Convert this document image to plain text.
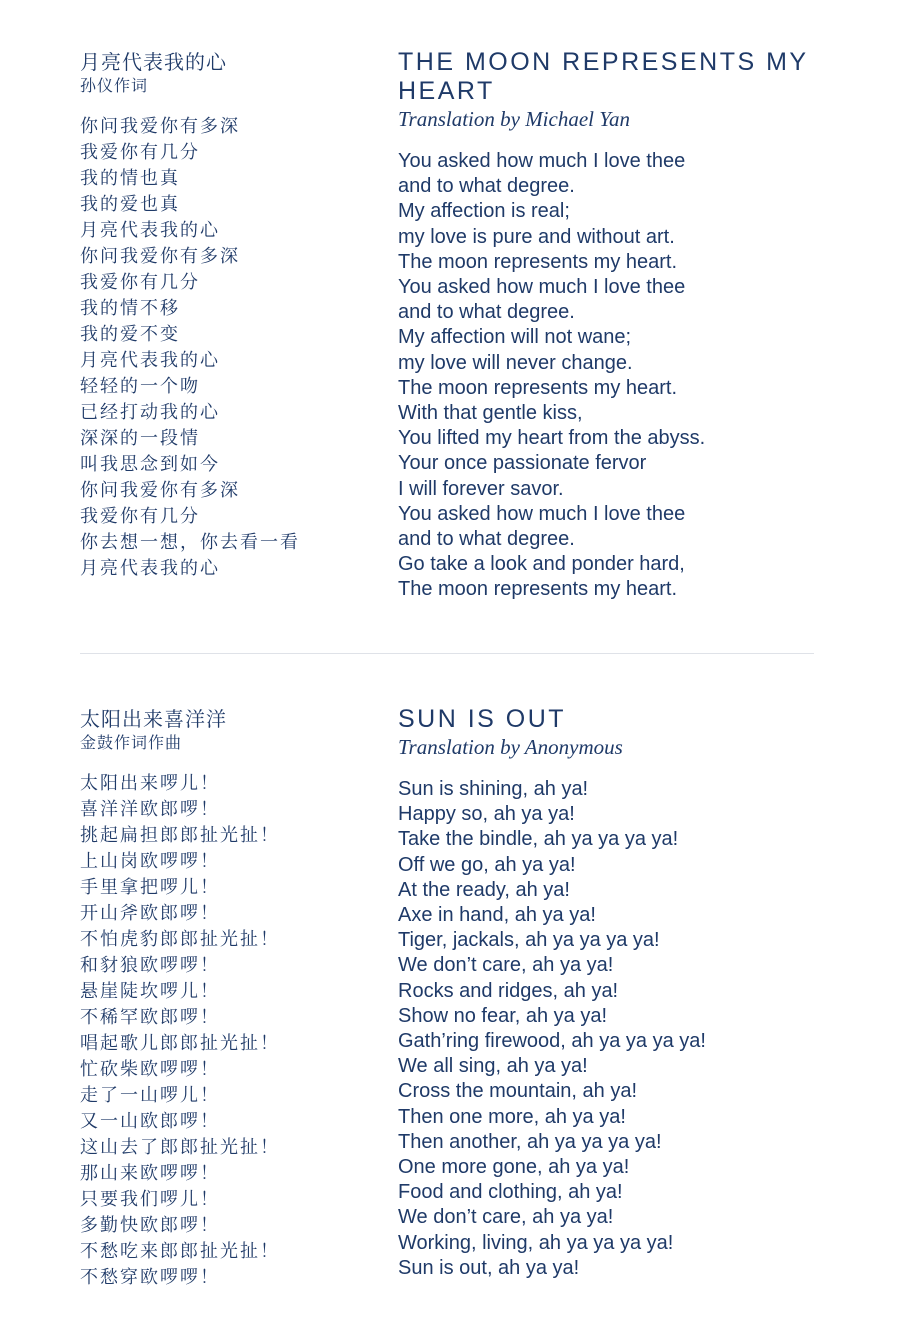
月亮代表我的心
孙仪作词
你问我爱你有多深
我爱你有几分
我的情也真
我的爱也真
月亮代表我的心
你问我爱你有多深
我爱你有几分
我的情不移
我的爱不变
月亮代表我的心
轻轻的一个吻
已经打动我的心
深深的一段情
叫我思念到如今
你问我爱你有多深
我爱你有几分
你去想一想，你去看一看
月亮代表我的心
THE MOON REPRESENTS MY HEART
Translation by Michael Yan
You asked how much I love thee
and to what degree.
My affection is real;
my love is pure and without art.
The moon represents my heart.
You asked how much I love thee
and to what degree.
My affection will not wane;
my love will never change.
The moon represents my heart.
With that gentle kiss,
You lifted my heart from the abyss.
Your once passionate fervor
I will forever savor.
You asked how much I love thee
and to what degree.
Go take a look and ponder hard,
The moon represents my heart.
太阳出来喜洋洋
金鼓作词作曲
太阳出来啰儿！
喜洋洋欧郎啰！
挑起扁担郎郎扯光扯！
上山岗欧啰啰！
手里拿把啰儿！
开山斧欧郎啰！
不怕虎豹郎郎扯光扯！
和豺狼欧啰啰！
悬崖陡坎啰儿！
不稀罕欧郎啰！
唱起歌儿郎郎扯光扯！
忙砍柴欧啰啰！
走了一山啰儿！
又一山欧郎啰！
这山去了郎郎扯光扯！
那山来欧啰啰！
只要我们啰儿！
多勤快欧郎啰！
不愁吃来郎郎扯光扯！
不愁穿欧啰啰！
SUN IS OUT
Translation by Anonymous
Sun is shining, ah ya!
Happy so, ah ya ya!
Take the bindle, ah ya ya ya ya!
Off we go, ah ya ya!
At the ready, ah ya!
Axe in hand, ah ya ya!
Tiger, jackals, ah ya ya ya ya!
We don’t care, ah ya ya!
Rocks and ridges, ah ya!
Show no fear, ah ya ya!
Gath’ring firewood, ah ya ya ya ya!
We all sing, ah ya ya!
Cross the mountain, ah ya!
Then one more, ah ya ya!
Then another, ah ya ya ya ya!
One more gone, ah ya ya!
Food and clothing, ah ya!
We don’t care, ah ya ya!
Working, living, ah ya ya ya ya!
Sun is out, ah ya ya!
